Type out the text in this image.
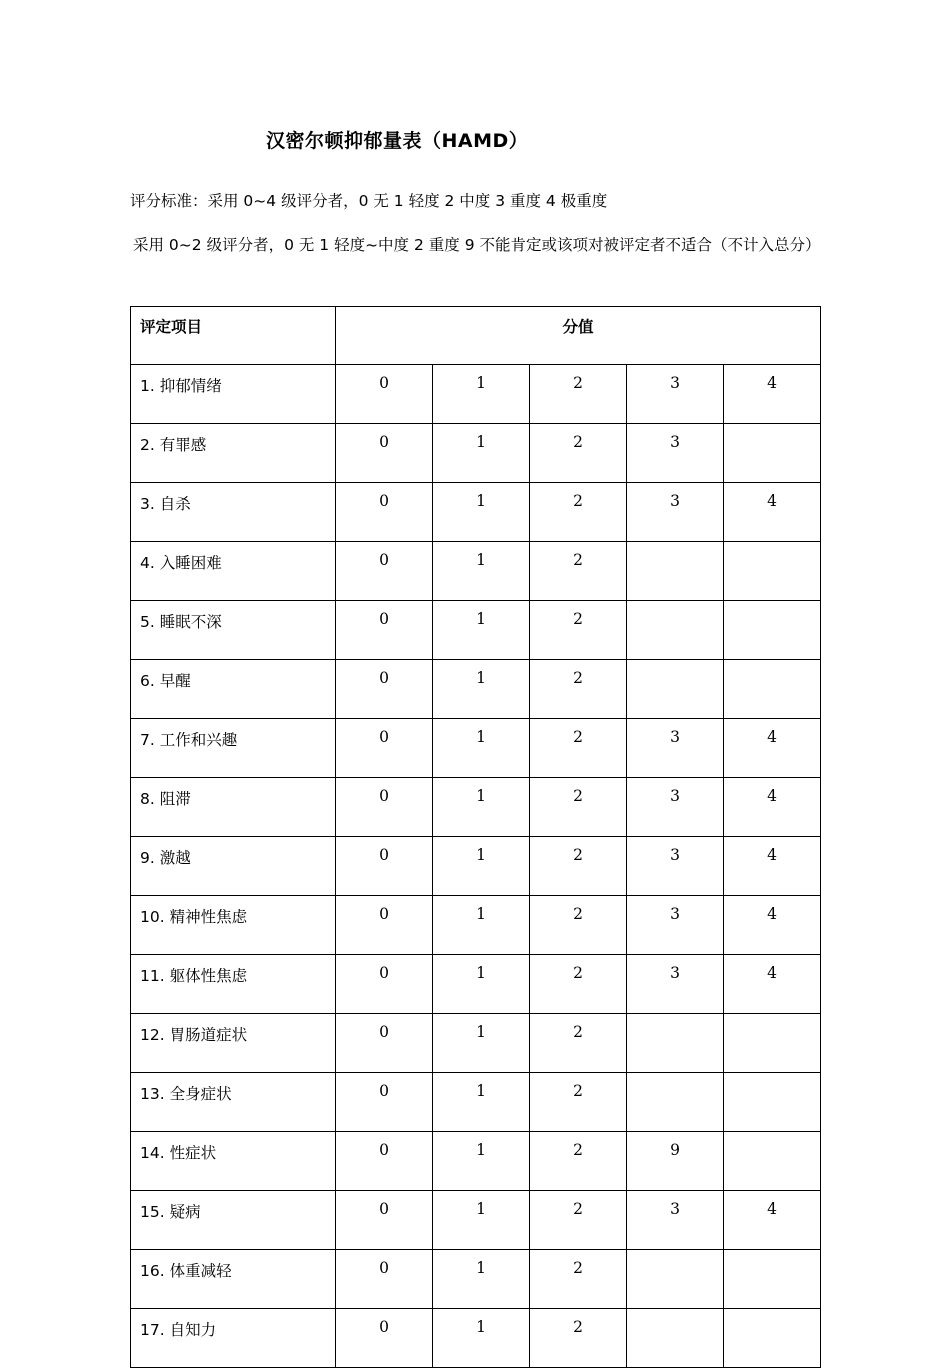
汉密尔顿抑郁量表（HAMD）
评分标准：采用 0~4 级评分者，0 无 1 轻度 2 中度 3 重度 4 极重度
采用 0~2 级评分者，0 无 1 轻度~中度 2 重度 9 不能肯定或该项对被评定者不适合（不计入总分）
评定项目	分值				
1. 抑郁情绪	0	1	2	3	4
2. 有罪感	0	1	2	3	
3. 自杀	0	1	2	3	4
4. 入睡困难	0	1	2		
5. 睡眠不深	0	1	2		
6. 早醒	0	1	2		
7. 工作和兴趣	0	1	2	3	4
8. 阻滞	0	1	2	3	4
9. 激越	0	1	2	3	4
10. 精神性焦虑	0	1	2	3	4
11. 躯体性焦虑	0	1	2	3	4
12. 胃肠道症状	0	1	2		
13. 全身症状	0	1	2		
14. 性症状	0	1	2	9	
15. 疑病	0	1	2	3	4
16. 体重减轻	0	1	2		
17. 自知力	0	1	2		
